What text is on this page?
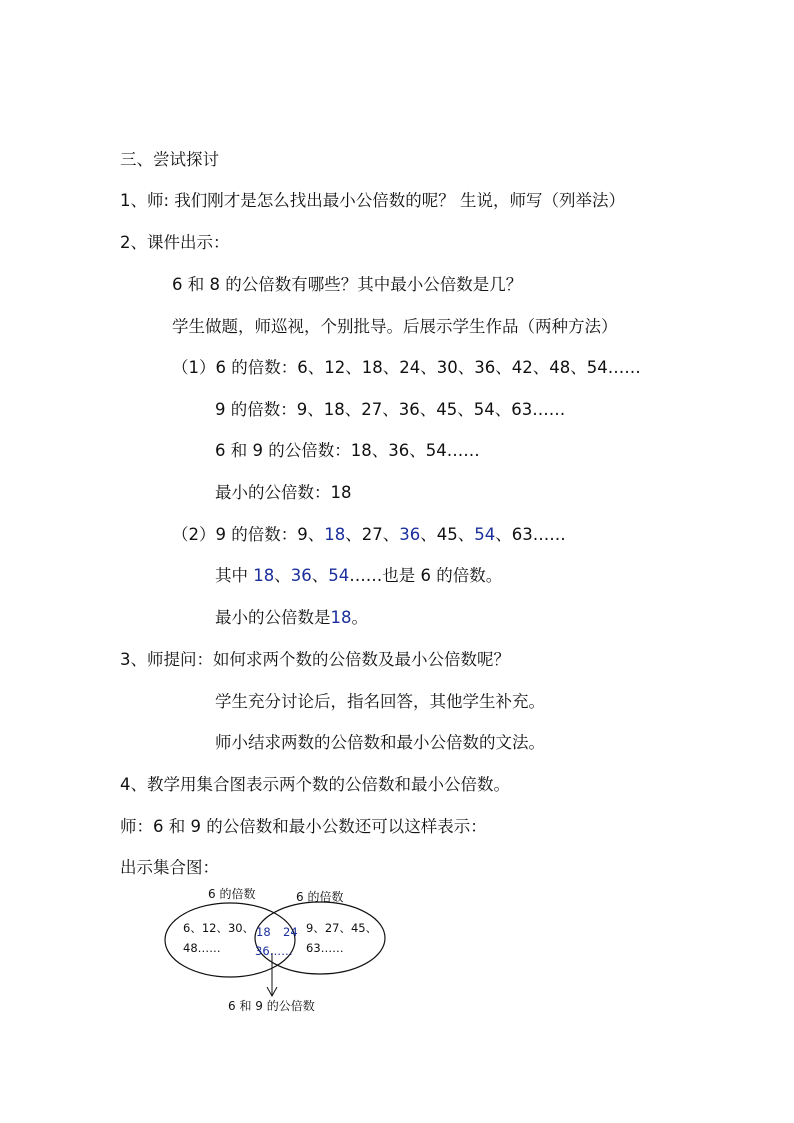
三、尝试探讨
1、师: 我们刚才是怎么找出最小公倍数的呢？ 生说，师写（列举法）
2、课件出示：
6 和 8 的公倍数有哪些？其中最小公倍数是几？
学生做题，师巡视，个别批导。后展示学生作品（两种方法）
（1）6 的倍数：6、12、18、24、30、36、42、48、54……
9 的倍数：9、18、27、36、45、54、63……
6 和 9 的公倍数：18、36、54……
最小的公倍数：18
（2）9 的倍数：9、18、27、36、45、54、63……
其中 18、36、54……也是 6 的倍数。
最小的公倍数是18。
3、师提问：如何求两个数的公倍数及最小公倍数呢？
学生充分讨论后，指名回答，其他学生补充。
师小结求两数的公倍数和最小公倍数的文法。
4、教学用集合图表示两个数的公倍数和最小公倍数。
师：6 和 9 的公倍数和最小公数还可以这样表示：
出示集合图：
6 的倍数	6 的倍数
6、12、30、
48……
18 24
36……
9、27、45、
63……
6 和 9 的公倍数
